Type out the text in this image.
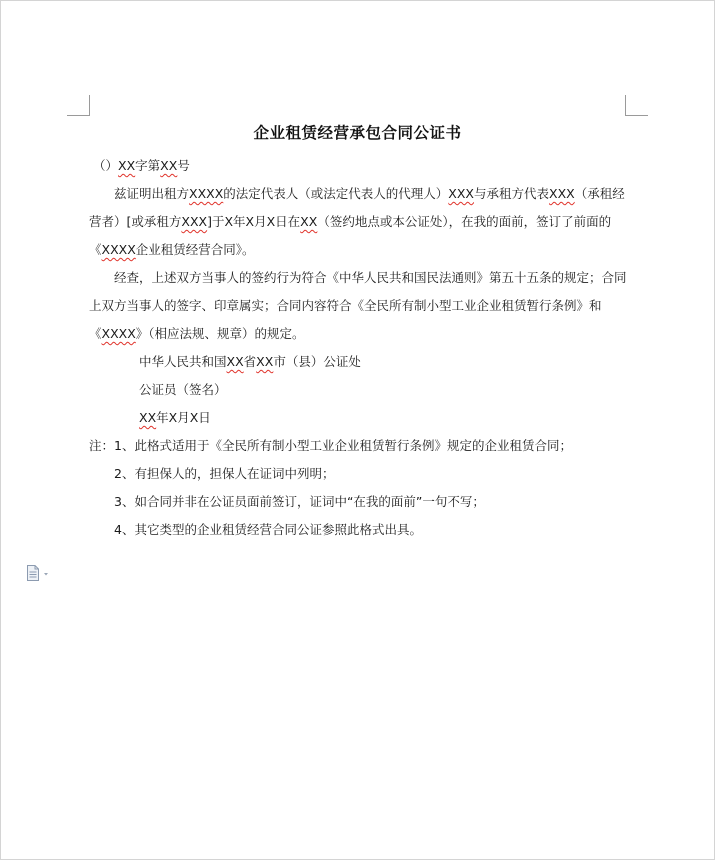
企业租赁经营承包合同公证书
（）XX字第XX号
兹证明出租方XXXX的法定代表人（或法定代表人的代理人）XXX与承租方代表XXX（承租经
营者）[或承租方XXX]于X年X月X日在XX（签约地点或本公证处），在我的面前，签订了前面的
《XXXX企业租赁经营合同》。
经查，上述双方当事人的签约行为符合《中华人民共和国民法通则》第五十五条的规定；合同
上双方当事人的签字、印章属实；合同内容符合《全民所有制小型工业企业租赁暂行条例》和
《XXXX》（相应法规、规章）的规定。
中华人民共和国XX省XX市（县）公证处
公证员（签名）
XX年X月X日
注：1、此格式适用于《全民所有制小型工业企业租赁暂行条例》规定的企业租赁合同；
2、有担保人的，担保人在证词中列明；
3、如合同并非在公证员面前签订，证词中“在我的面前”一句不写；
4、其它类型的企业租赁经营合同公证参照此格式出具。
